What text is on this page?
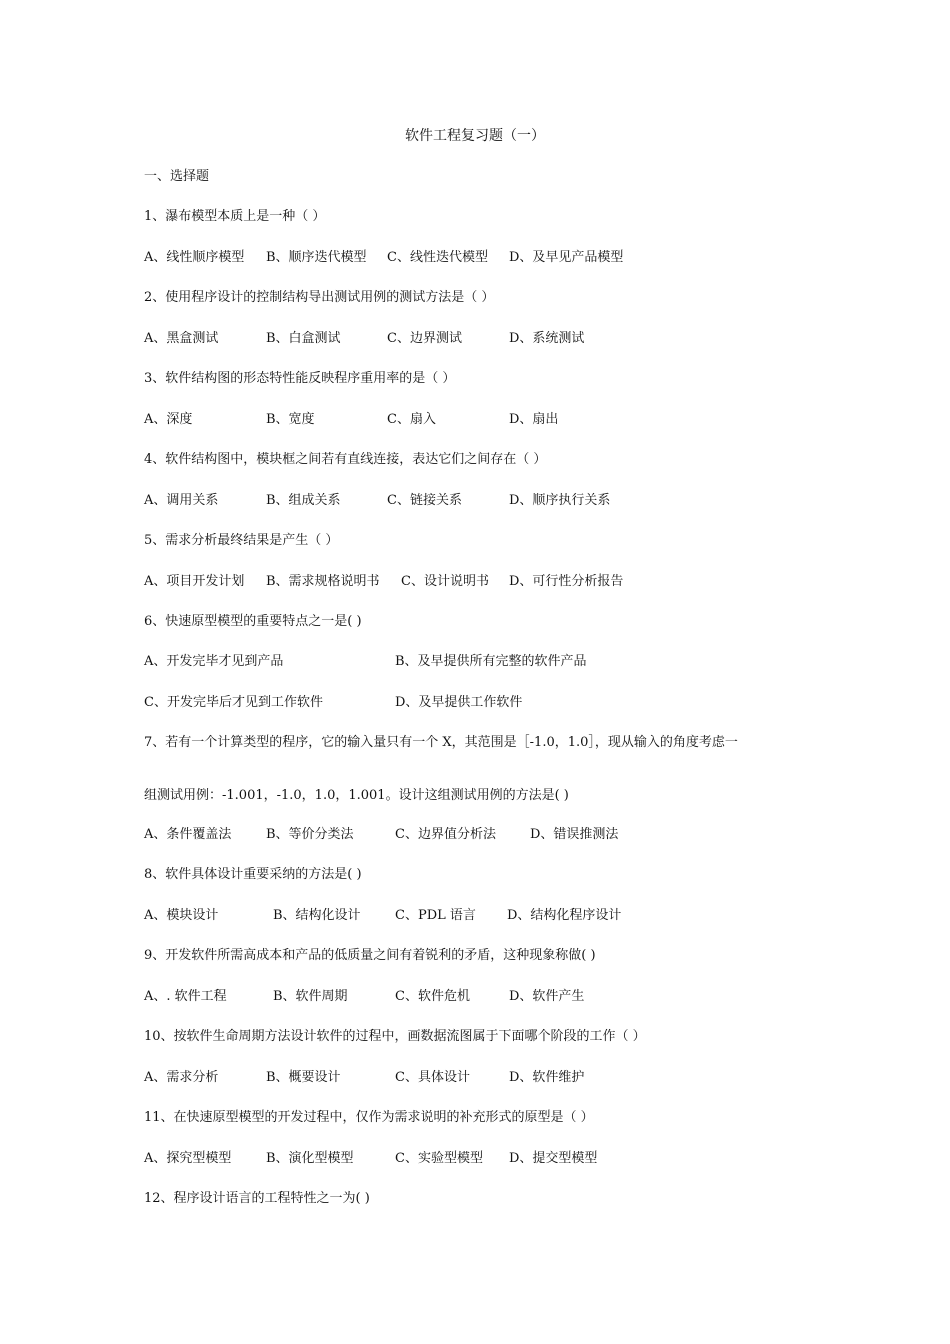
软件工程复习题（一）
一、选择题
1、瀑布模型本质上是一种（ ）
A、线性顺序模型 B、顺序迭代模型 C、线性迭代模型 D、及早见产品模型
2、使用程序设计的控制结构导出测试用例的测试方法是（ ）
A、黑盒测试	B、白盒测试	C、边界测试	D、系统测试
3、软件结构图的形态特性能反映程序重用率的是（ ）
A、深度	B、宽度	C、扇入	D、扇出
4、软件结构图中，模块框之间若有直线连接，表达它们之间存在（ ）
A、调用关系	B、组成关系	C、链接关系	D、顺序执行关系
5、需求分析最终结果是产生（ ）
A、项目开发计划 B、需求规格说明书 C、设计说明书 D、可行性分析报告
6、快速原型模型的重要特点之一是( )
A、开发完毕才见到产品	B、及早提供所有完整的软件产品
C、开发完毕后才见到工作软件	D、及早提供工作软件
7、若有一个计算类型的程序，它的输入量只有一个 X，其范围是［-1.0，1.0］，现从输入的角度考虑一
组测试用例：-1.001，-1.0，1.0，1.001。设计这组测试用例的方法是( )
A、条件覆盖法	B、等价分类法	C、边界值分析法	D、错误推测法
8、软件具体设计重要采纳的方法是( )
A、模块设计	B、结构化设计	C、PDL 语言 D、结构化程序设计
9、开发软件所需高成本和产品的低质量之间有着锐利的矛盾，这种现象称做( )
A、. 软件工程	B、软件周期	C、软件危机	D、软件产生
10、按软件生命周期方法设计软件的过程中，画数据流图属于下面哪个阶段的工作（ ）
A、需求分析	B、概要设计	C、具体设计	D、软件维护
11、在快速原型模型的开发过程中，仅作为需求说明的补充形式的原型是（ ）
A、探究型模型	B、演化型模型	C、实验型模型 D、提交型模型
12、程序设计语言的工程特性之一为( )
